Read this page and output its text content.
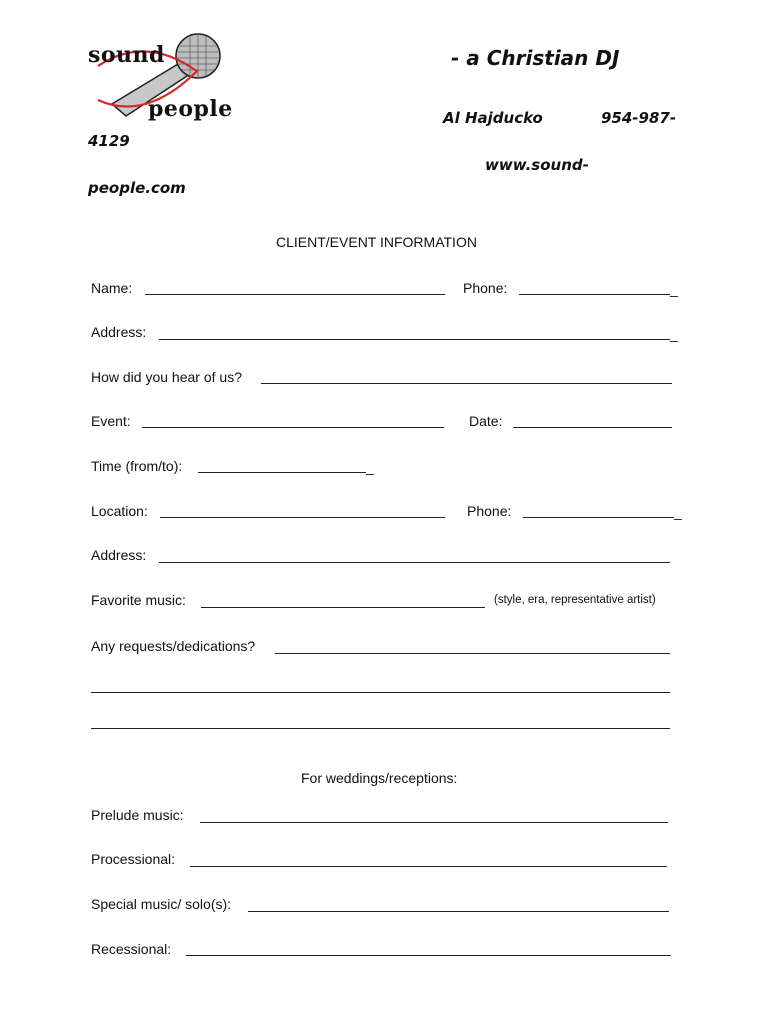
sound
people
- a Christian DJ
Al Hajducko	954-987-
4129
www.sound-
people.com
CLIENT/EVENT INFORMATION
Name:	Phone:	_
Address:	_
How did you hear of us?
Event:	Date:
Time (from/to):	_
Location:	Phone:	_
Address:
Favorite music:	(style, era, representative artist)
Any requests/dedications?
For weddings/receptions:
Prelude music:
Processional:
Special music/ solo(s):
Recessional:
